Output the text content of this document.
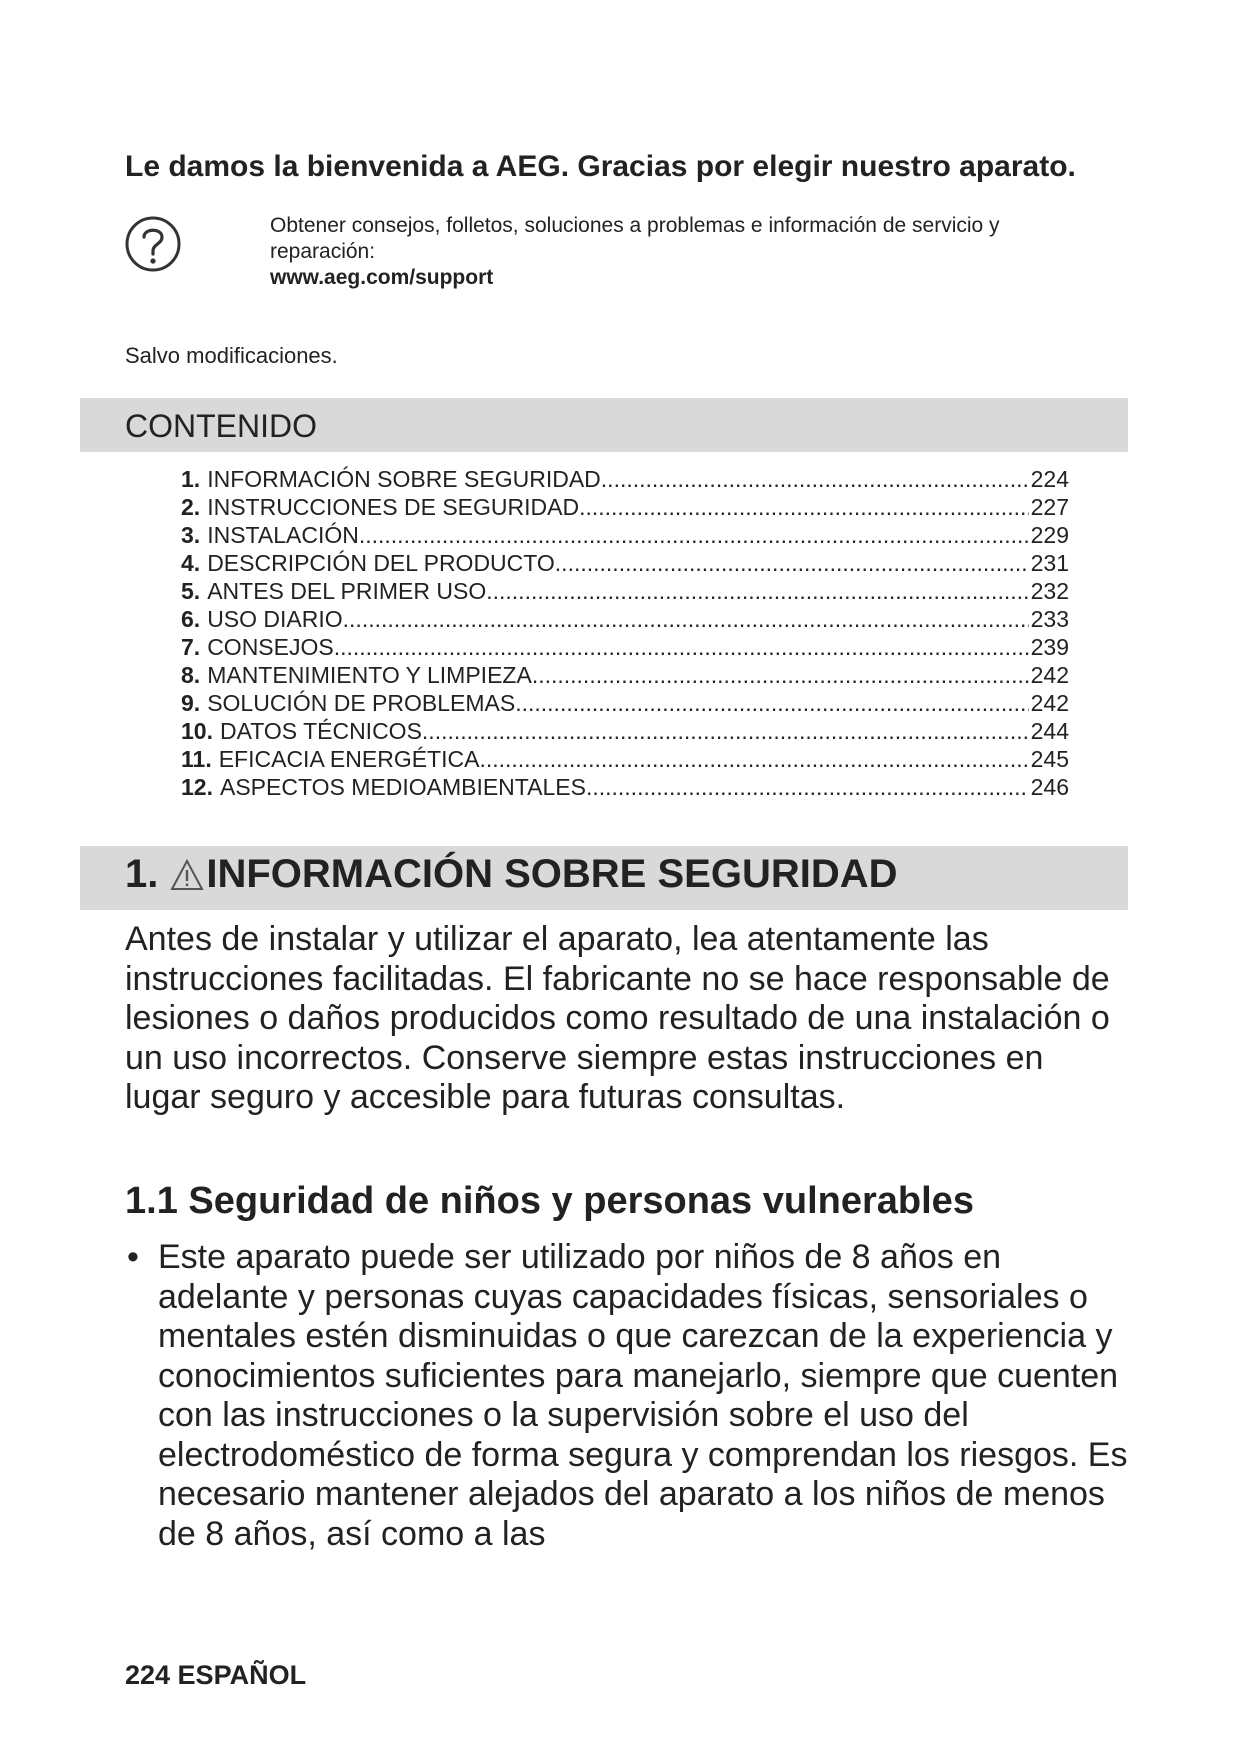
Le damos la bienvenida a AEG. Gracias por elegir nuestro aparato.
Obtener consejos, folletos, soluciones a problemas e información de servicio y reparación:
www.aeg.com/support
Salvo modificaciones.
CONTENIDO
1. INFORMACIÓN SOBRE SEGURIDAD .....	224
2. INSTRUCCIONES DE SEGURIDAD .....	227
3. INSTALACIÓN .....	229
4. DESCRIPCIÓN DEL PRODUCTO .....	231
5. ANTES DEL PRIMER USO .....	232
6. USO DIARIO .....	233
7. CONSEJOS .....	239
8. MANTENIMIENTO Y LIMPIEZA .....	242
9. SOLUCIÓN DE PROBLEMAS .....	242
10. DATOS TÉCNICOS .....	244
11. EFICACIA ENERGÉTICA .....	245
12. ASPECTOS MEDIOAMBIENTALES .....	246
1. INFORMACIÓN SOBRE SEGURIDAD
Antes de instalar y utilizar el aparato, lea atentamente las instrucciones facilitadas. El fabricante no se hace responsable de lesiones o daños producidos como resultado de una instalación o un uso incorrectos. Conserve siempre estas instrucciones en lugar seguro y accesible para futuras consultas.
1.1 Seguridad de niños y personas vulnerables
• Este aparato puede ser utilizado por niños de 8 años en adelante y personas cuyas capacidades físicas, sensoriales o mentales estén disminuidas o que carezcan de la experiencia y conocimientos suficientes para manejarlo, siempre que cuenten con las instrucciones o la supervisión sobre el uso del electrodoméstico de forma segura y comprendan los riesgos. Es necesario mantener alejados del aparato a los niños de menos de 8 años, así como a las
224 ESPAÑOL
